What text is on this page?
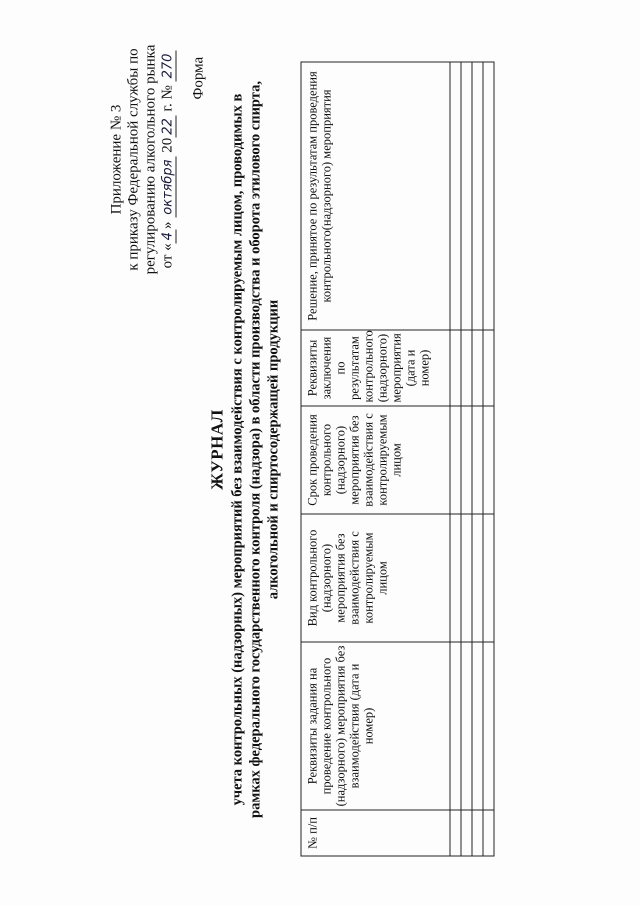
Приложение № 3 к приказу Федеральной службы по регулированию алкогольного рынка от «4» октября 2022 г. № 270 Форма
ЖУРНАЛ учета контрольных (надзорных) мероприятий без взаимодействия с контролируемым лицом, проводимых в рамках федерального государственного контроля (надзора) в области производства и оборота этилового спирта, алкогольной и спиртосодержащей продукции
№ п/п	Реквизиты задания на проведение контрольного (надзорного) мероприятия без взаимодействия (дата и номер)	Вид контрольного (надзорного) мероприятия без взаимодействия с контролируемым лицом	Срок проведения контрольного (надзорного) мероприятия без взаимодействия с контролируемым лицом	Реквизиты заключения по результатам контрольного (надзорного) мероприятия (дата и номер)	Решение, принятое по результатам проведения контрольного(надзорного) мероприятия
